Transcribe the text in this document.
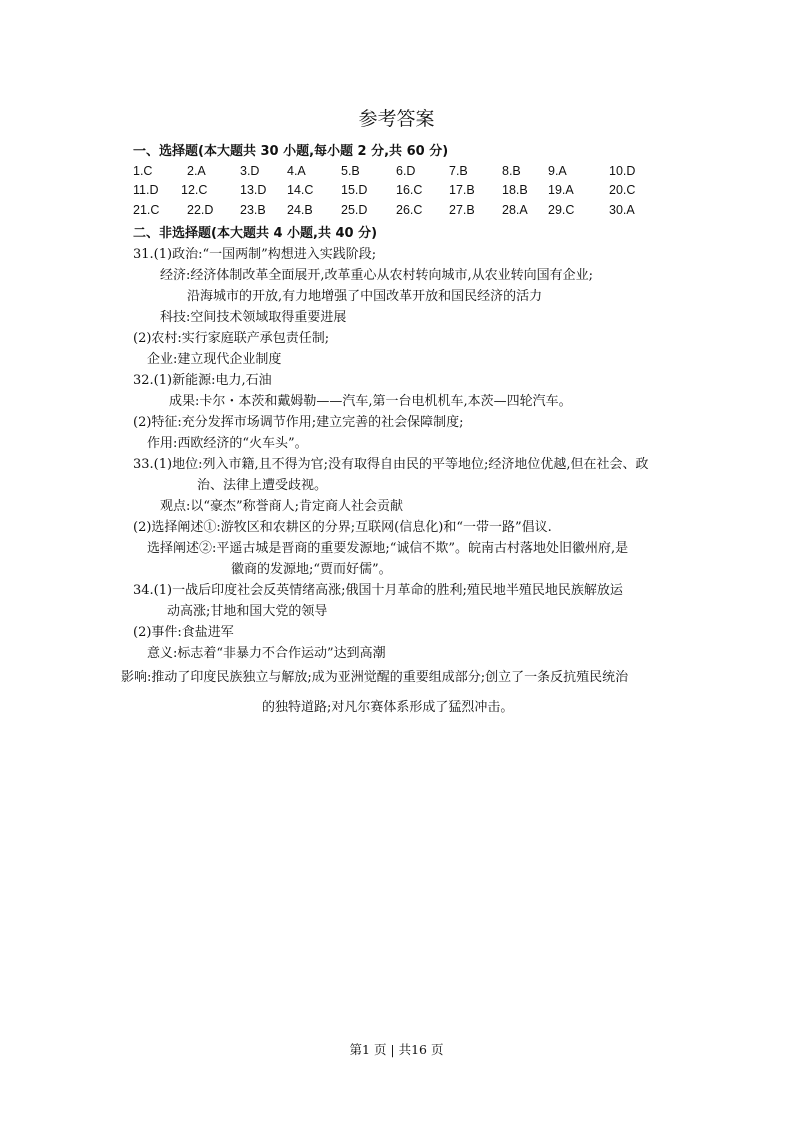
参考答案
一、选择题(本大题共 30 小题,每小题 2 分,共 60 分)
1.C	2.A	3.D 4.A	5.B	6.D	7.B	8.B 9.A	10.D
11.D 12.C	13.D 14.C 15.D 16.C 17.B 18.B 19.A	20.C
21.C 22.D 23.B 24.B 25.D 26.C 27.B 28.A 29.C	30.A
二、非选择题(本大题共 4 小题,共 40 分)
31.(1)政治:“一国两制”构想进入实践阶段;
经济:经济体制改革全面展开,改革重心从农村转向城市,从农业转向国有企业;
沿海城市的开放,有力地增强了中国改革开放和国民经济的活力
科技:空间技术领域取得重要进展
(2)农村:实行家庭联产承包责任制;
企业:建立现代企业制度
32.(1)新能源:电力,石油
成果:卡尔・本茨和戴姆勒——汽车,第一台电机机车,本茨—四轮汽车。
(2)特征:充分发挥市场调节作用;建立完善的社会保障制度;
作用:西欧经济的“火车头”。
33.(1)地位:列入市籍,且不得为官;没有取得自由民的平等地位;经济地位优越,但在社会、政
治、法律上遭受歧视。
观点:以“豪杰”称誉商人;肯定商人社会贡献
(2)选择阐述①:游牧区和农耕区的分界;互联网(信息化)和“一带一路”倡议.
选择阐述②:平遥古城是晋商的重要发源地;“诚信不欺”。皖南古村落地处旧徽州府,是
徽商的发源地;“贾而好儒”。
34.(1)一战后印度社会反英情绪高涨;俄国十月革命的胜利;殖民地半殖民地民族解放运
动高涨;甘地和国大党的领导
(2)事件:食盐进军
意义:标志着“非暴力不合作运动”达到高潮
影响:推动了印度民族独立与解放;成为亚洲觉醒的重要组成部分;创立了一条反抗殖民统治
的独特道路;对凡尔赛体系形成了猛烈冲击。
第1 页 | 共16 页
